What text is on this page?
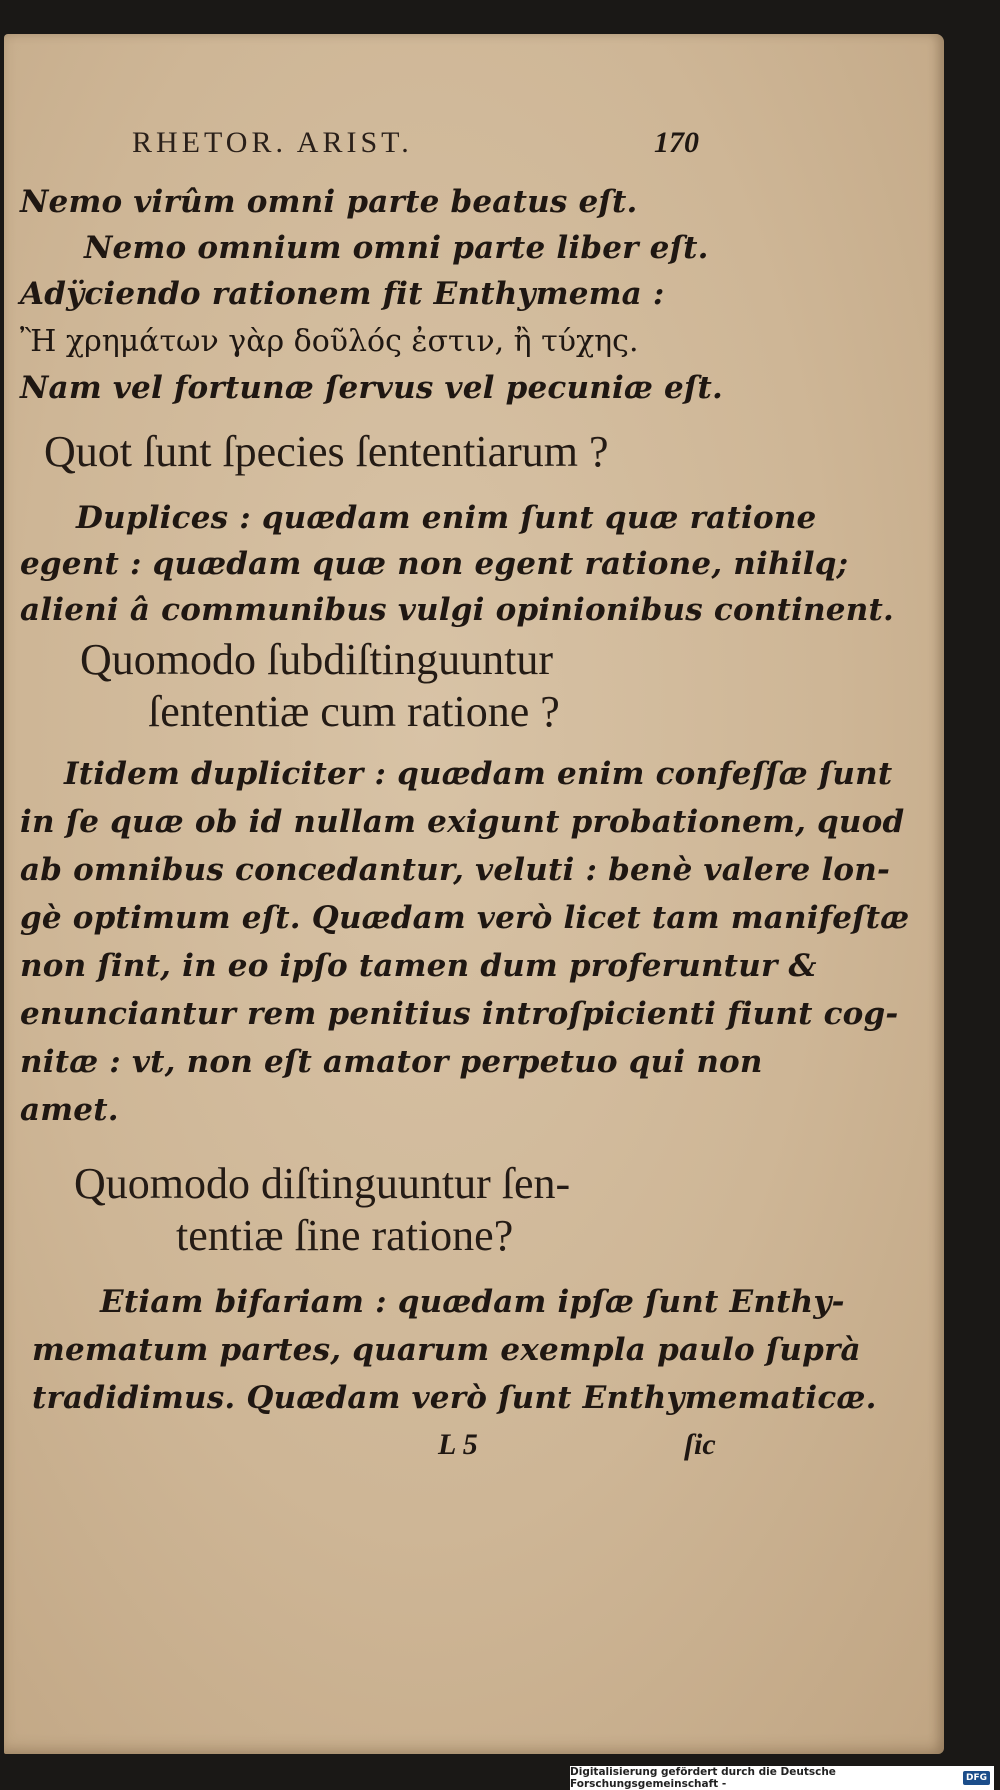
RHETOR. ARIST.	170
Nemo virûm omni parte beatus eſt.
Nemo omnium omni parte liber eſt.
Adÿciendo rationem fit Enthymema :
Ἢ χρημάτων γὰρ δοῦλός ἐστιν, ἢ τύχης.
Nam vel fortunæ ſervus vel pecuniæ eſt.
Quot ſunt ſpecies ſententiarum ?
Duplices : quædam enim ſunt quæ ratione
egent : quædam quæ non egent ratione, nihilq;
alieni â communibus vulgi opinionibus continent.
Quomodo ſubdiſtinguuntur
ſententiæ cum ratione ?
Itidem dupliciter : quædam enim confeſſæ ſunt
in ſe quæ ob id nullam exigunt probationem, quod
ab omnibus concedantur, veluti : benè valere lon-
gè optimum eſt. Quædam verò licet tam manifeſtæ
non ſint, in eo ipſo tamen dum proferuntur &
enunciantur rem penitius introſpicienti fiunt cog-
nitæ : vt, non eſt amator perpetuo qui non
amet.
Quomodo diſtinguuntur ſen-
tentiæ ſine ratione?
Etiam bifariam : quædam ipſæ ſunt Enthy-
mematum partes, quarum exempla paulo ſuprà
tradidimus. Quædam verò ſunt Enthymematicæ.
L 5	ſic
Digitalisierung gefördert durch die Deutsche Forschungsgemeinschaft -	DFG
